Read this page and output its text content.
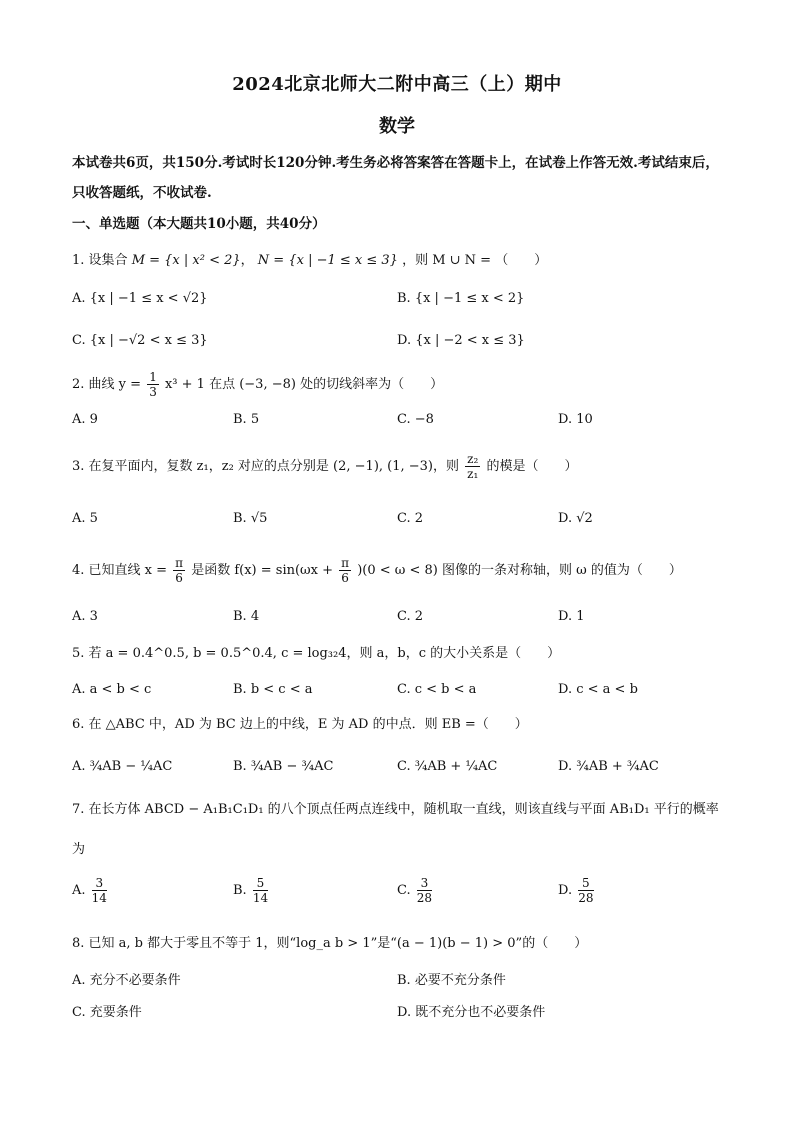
2024北京北师大二附中高三（上）期中
数学
本试卷共6页，共150分.考试时长120分钟.考生务必将答案答在答题卡上，在试卷上作答无效.考试结束后，只收答题纸，不收试卷.
一、单选题（本大题共10小题，共40分）
1. 设集合 M = {x | x² < 2}， N = {x | −1 ≤ x ≤ 3} ，则 M ∪ N = （　　）
A. {x | −1 ≤ x < √2}	B. {x | −1 ≤ x < 2}
C. {x | −√2 < x ≤ 3}	D. {x | −2 < x ≤ 3}
2. 曲线 $y = \frac{1}{3} x^3 + 1$ 在点 (−3, −8) 处的切线斜率为（　　）
A. 9	B. 5	C. −8	D. 10
3. 在复平面内，复数 z₁，z₂ 对应的点分别是 (2, −1), (1, −3)，则 $\frac{\text{z₂}}{\text{z₁}}$ 的模是（　　）
A. 5	B. √5	C. 2	D. √2
4. 已知直线 $x = \frac{\pi}{6}$ 是函数 $f(x) = \sin(\omega x + \frac{\pi}{6} )(0 < \omega < 8)$ 图像的一条对称轴，则 ω 的值为（　　）
A. 3	B. 4	C. 2	D. 1
5. 若 a = 0.4^0.5, b = 0.5^0.4, c = log₃₂4，则 a，b，c 的大小关系是（　　）
A. a < b < c	B. b < c < a	C. c < b < a	D. c < a < b
6. 在 △ABC 中，AD 为 BC 边上的中线，E 为 AD 的中点．则 EB =（　　）
A. ¾AB − ¼AC	B. ¾AB − ¾AC	C. ¾AB + ¼AC	D. ¾AB + ¾AC
7. 在长方体 ABCD − A₁B₁C₁D₁ 的八个顶点任两点连线中，随机取一直线，则该直线与平面 AB₁D₁ 平行的概率为
A. $\frac{3}{14}$	B. $\frac{5}{14}$	C. $\frac{3}{28}$	D. $\frac{5}{28}$
8. 已知 a, b 都大于零且不等于 1，则“log_a b > 1”是“(a − 1)(b − 1) > 0”的（　　）
A. 充分不必要条件	B. 必要不充分条件
C. 充要条件	D. 既不充分也不必要条件
